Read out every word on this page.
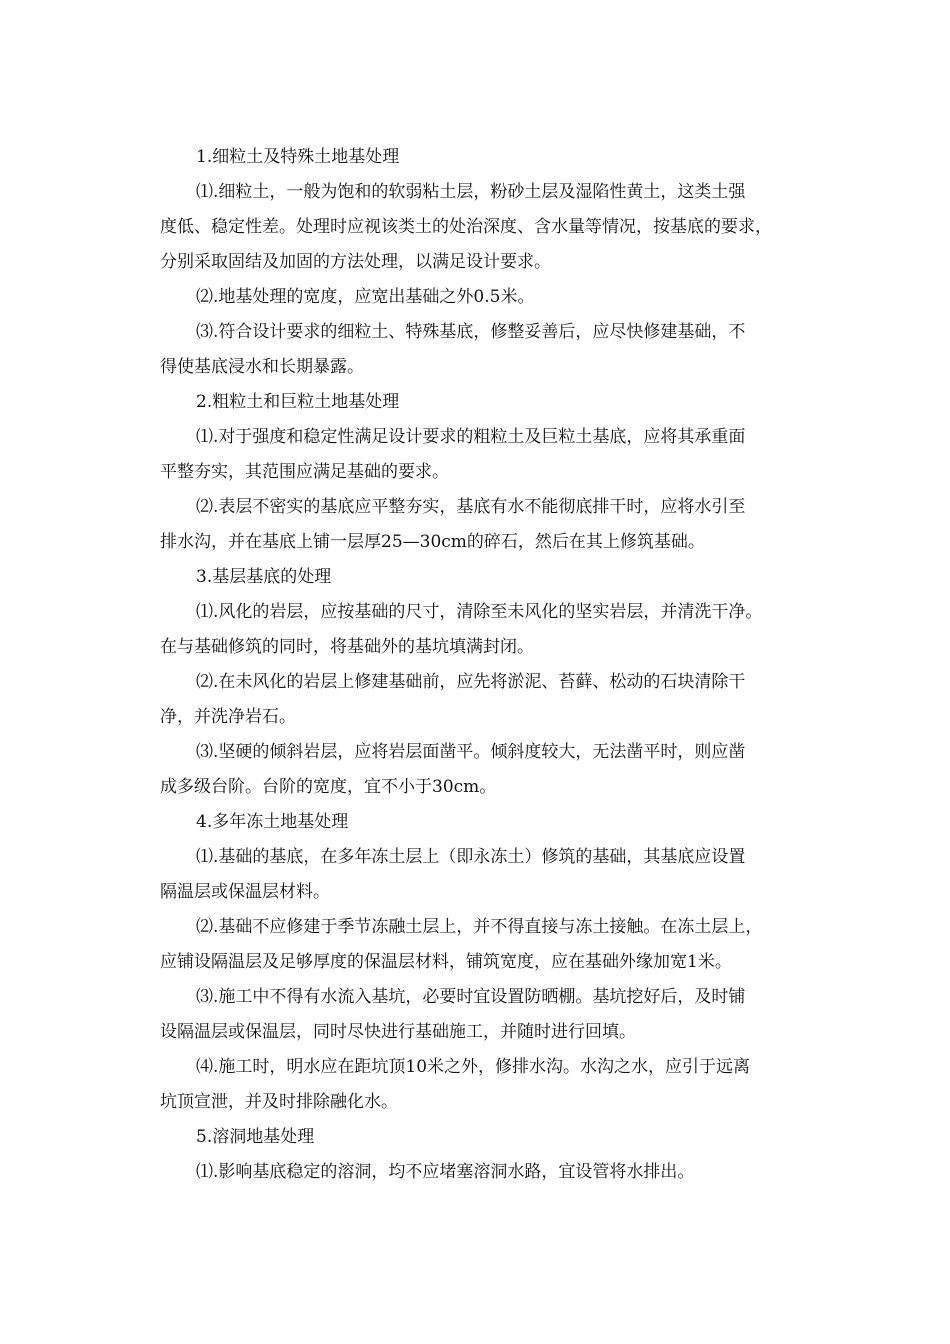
1.细粒土及特殊土地基处理

⑴.细粒土，一般为饱和的软弱粘土层，粉砂土层及湿陷性黄土，这类土强

度低、稳定性差。处理时应视该类土的处治深度、含水量等情况，按基底的要求，

分别采取固结及加固的方法处理，以满足设计要求。

⑵.地基处理的宽度，应宽出基础之外0.5米。

⑶.符合设计要求的细粒土、特殊基底，修整妥善后，应尽快修建基础，不

得使基底浸水和长期暴露。

2.粗粒土和巨粒土地基处理

⑴.对于强度和稳定性满足设计要求的粗粒土及巨粒土基底，应将其承重面

平整夯实，其范围应满足基础的要求。

⑵.表层不密实的基底应平整夯实，基底有水不能彻底排干时，应将水引至

排水沟，并在基底上铺一层厚25—30cm的碎石，然后在其上修筑基础。

3.基层基底的处理

⑴.风化的岩层，应按基础的尺寸，清除至未风化的坚实岩层，并清洗干净。

在与基础修筑的同时，将基础外的基坑填满封闭。

⑵.在未风化的岩层上修建基础前，应先将淤泥、苔藓、松动的石块清除干

净，并洗净岩石。

⑶.坚硬的倾斜岩层，应将岩层面凿平。倾斜度较大，无法凿平时，则应凿

成多级台阶。台阶的宽度，宜不小于30cm。

4.多年冻土地基处理

⑴.基础的基底，在多年冻土层上（即永冻土）修筑的基础，其基底应设置

隔温层或保温层材料。

⑵.基础不应修建于季节冻融土层上，并不得直接与冻土接触。在冻土层上，

应铺设隔温层及足够厚度的保温层材料，铺筑宽度，应在基础外缘加宽1米。

⑶.施工中不得有水流入基坑，必要时宜设置防晒棚。基坑挖好后，及时铺

设隔温层或保温层，同时尽快进行基础施工，并随时进行回填。

⑷.施工时，明水应在距坑顶10米之外，修排水沟。水沟之水，应引于远离

坑顶宣泄，并及时排除融化水。

5.溶洞地基处理

⑴.影响基底稳定的溶洞，均不应堵塞溶洞水路，宜设管将水排出。
